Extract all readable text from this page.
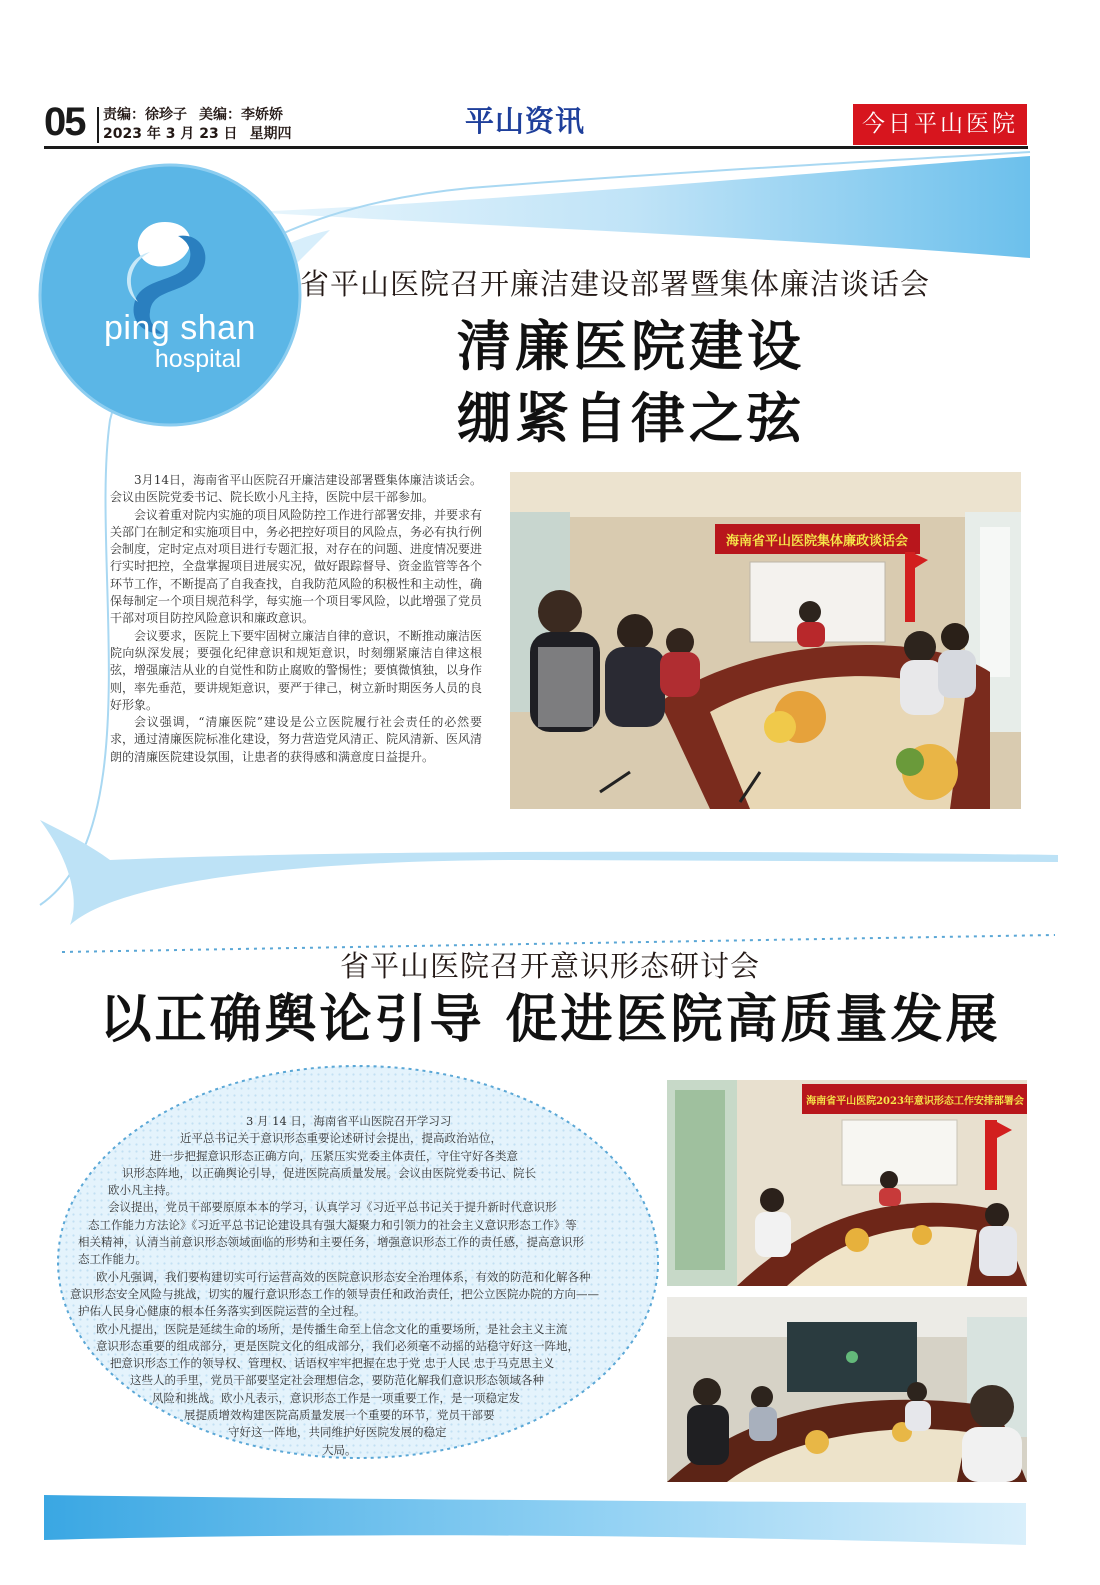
05 责编：徐珍子 美编：李娇娇
2023 年 3 月 23 日 星期四	平山资讯	今日平山医院
ping shan
hospital
省平山医院召开廉洁建设部署暨集体廉洁谈话会
清廉医院建设
绷紧自律之弦

3月14日，海南省平山医院召开廉洁建设部署暨集体廉洁谈话会。会议由医院党委书记、院长欧小凡主持，医院中层干部参加。

会议着重对院内实施的项目风险防控工作进行部署安排，并要求有关部门在制定和实施项目中，务必把控好项目的风险点，务必有执行例会制度，定时定点对项目进行专题汇报，对存在的问题、进度情况要进行实时把控，全盘掌握项目进展实况，做好跟踪督导、资金监管等各个环节工作，不断提高了自我查找，自我防范风险的积极性和主动性，确保每制定一个项目规范科学，每实施一个项目零风险，以此增强了党员干部对项目防控风险意识和廉政意识。

会议要求，医院上下要牢固树立廉洁自律的意识，不断推动廉洁医院向纵深发展；要强化纪律意识和规矩意识，时刻绷紧廉洁自律这根弦，增强廉洁从业的自觉性和防止腐败的警惕性；要慎微慎独，以身作则，率先垂范，要讲规矩意识，要严于律己，树立新时期医务人员的良好形象。

会议强调，“清廉医院”建设是公立医院履行社会责任的必然要求，通过清廉医院标准化建设，努力营造党风清正、院风清新、医风清朗的清廉医院建设氛围，让患者的获得感和满意度日益提升。

海南省平山医院集体廉政谈话会
省平山医院召开意识形态研讨会
以正确舆论引导 促进医院高质量发展

3 月 14 日，海南省平山医院召开学习习

近平总书记关于意识形态重要论述研讨会提出，提高政治站位，

进一步把握意识形态正确方向，压紧压实党委主体责任，守住守好各类意

识形态阵地，以正确舆论引导，促进医院高质量发展。会议由医院党委书记、院长

欧小凡主持。

会议提出，党员干部要原原本本的学习，认真学习《习近平总书记关于提升新时代意识形

态工作能力方法论》《习近平总书记论建设具有强大凝聚力和引领力的社会主义意识形态工作》等

相关精神，认清当前意识形态领域面临的形势和主要任务，增强意识形态工作的责任感，提高意识形

态工作能力。

欧小凡强调，我们要构建切实可行运营高效的医院意识形态安全治理体系，有效的防范和化解各种

意识形态安全风险与挑战，切实的履行意识形态工作的领导责任和政治责任，把公立医院办院的方向——

护佑人民身心健康的根本任务落实到医院运营的全过程。

欧小凡提出，医院是延续生命的场所，是传播生命至上信念文化的重要场所，是社会主义主流

意识形态重要的组成部分，更是医院文化的组成部分，我们必须毫不动摇的站稳守好这一阵地，

把意识形态工作的领导权、管理权、话语权牢牢把握在忠于党 忠于人民 忠于马克思主义

这些人的手里，党员干部要坚定社会理想信念，要防范化解我们意识形态领域各种

风险和挑战。欧小凡表示，意识形态工作是一项重要工作，是一项稳定发

展提质增效构建医院高质量发展一个重要的环节，党员干部要

守好这一阵地，共同维护好医院发展的稳定

大局。

海南省平山医院2023年意识形态工作安排部署会
